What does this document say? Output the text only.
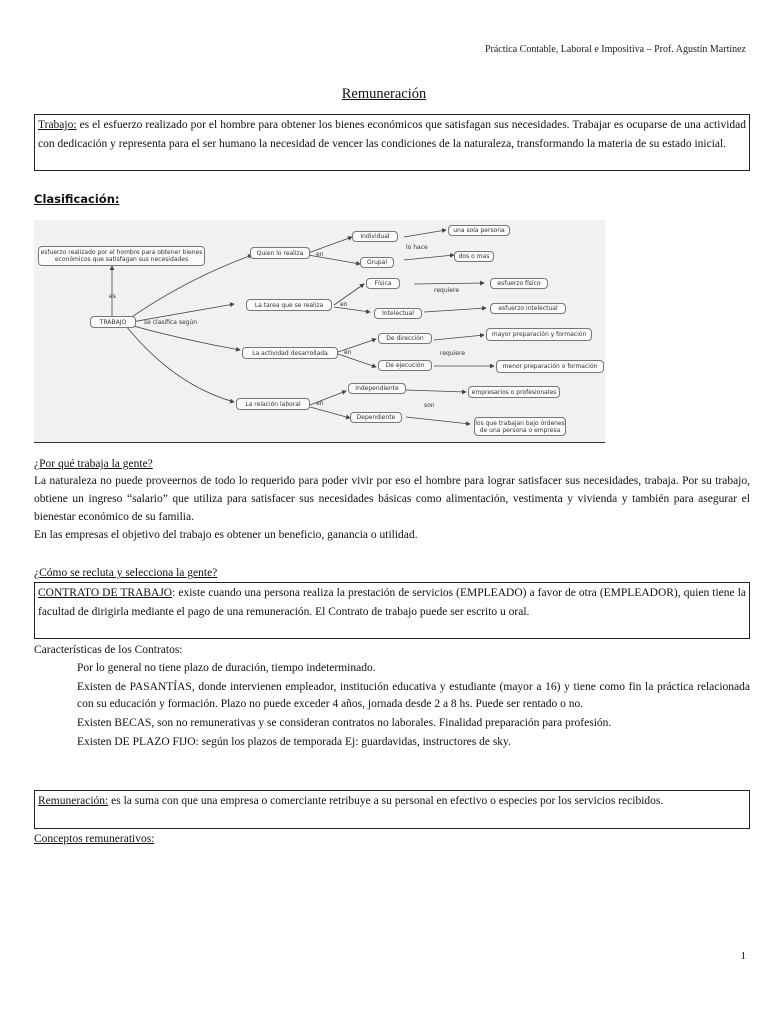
Práctica Contable, Laboral e Impositiva – Prof. Agustín Martínez
Remuneración
Trabajo: es el esfuerzo realizado por el hombre para obtener los bienes económicos que satisfagan sus necesidades. Trabajar es ocuparse de una actividad con dedicación y representa para el ser humano la necesidad de vencer las condiciones de la naturaleza, transformando la materia de su estado inicial.
Clasificación:
esfuerzo realizado por el hombre para obtener bienes económicos que satisfagan sus necesidades
es
TRABAJO	se clasifica según
Quien lo realiza	en
Individual
Grupal
lo hace
una sola persona
dos o mas
La tarea que se realiza	en
Física
Intelectual
requiere
esfuerzo físico
esfuerzo intelectual
La actividad desarrollada	en
De dirección
De ejecución
requiere
mayor preparación y formación
menor preparación o formación
La relación laboral	en
Independiente
Dependiente
son
empresarios o profesionales
los que trabajan bajo órdenes de una persona o empresa
¿Por qué trabaja la gente?
La naturaleza no puede proveernos de todo lo requerido para poder vivir por eso el hombre para lograr satisfacer sus necesidades, trabaja. Por su trabajo, obtiene un ingreso “salario” que utiliza para satisfacer sus necesidades básicas como alimentación, vestimenta y vivienda y también para asegurar el bienestar económico de su familia.
En las empresas el objetivo del trabajo es obtener un beneficio, ganancia o utilidad.
¿Cómo se recluta y selecciona la gente?
CONTRATO DE TRABAJO: existe cuando una persona realiza la prestación de servicios (EMPLEADO) a favor de otra (EMPLEADOR), quien tiene la facultad de dirigirla mediante el pago de una remuneración. El Contrato de trabajo puede ser escrito u oral.
Características de los Contratos:
Por lo general no tiene plazo de duración, tiempo indeterminado.
Existen de PASANTÍAS, donde intervienen empleador, institución educativa y estudiante (mayor a 16) y tiene como fin la práctica relacionada con su educación y formación. Plazo no puede exceder 4 años, jornada desde 2 a 8 hs. Puede ser rentado o no.
Existen BECAS, son no remunerativas y se consideran contratos no laborales. Finalidad preparación para profesión.
Existen DE PLAZO FIJO: según los plazos de temporada Ej: guardavidas, instructores de sky.
Remuneración: es la suma con que una empresa o comerciante retribuye a su personal en efectivo o especies por los servicios recibidos.
Conceptos remunerativos:
1
